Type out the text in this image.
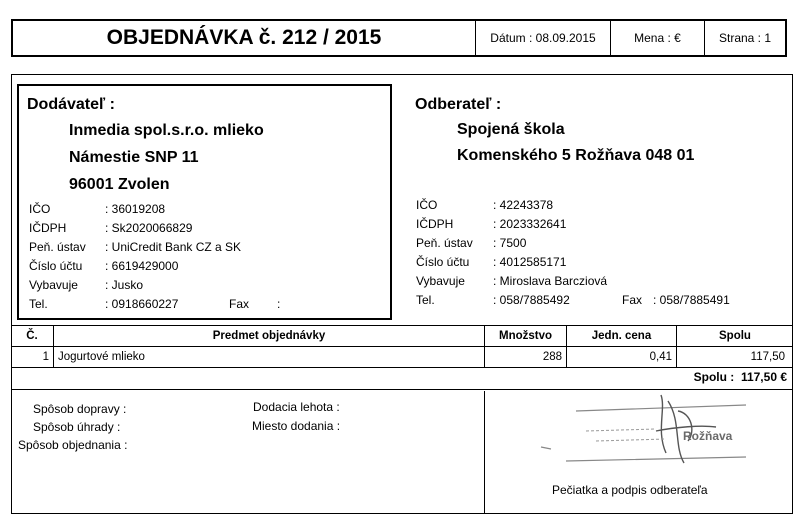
OBJEDNÁVKA č. 212 / 2015	Dátum : 08.09.2015	Mena : €	Strana : 1
Dodávateľ :
Inmedia spol.s.r.o. mlieko
Námestie SNP 11
96001 Zvolen
IČO	: 36019208
IČDPH	: Sk2020066829
Peň. ústav : UniCredit Bank CZ a SK
Číslo účtu : 6619429000
Vybavuje : Jusko
Tel.	: 0918660227	Fax :
Odberateľ :
Spojená škola
Komenského 5 Rožňava 048 01
IČO	: 42243378
IČDPH	: 2023332641
Peň. ústav : 7500
Číslo účtu : 4012585171
Vybavuje : Miroslava Barcziová
Tel.	: 058/7885492	Fax : 058/7885491
Č.	Predmet objednávky	Množstvo	Jedn. cena	Spolu
1 Jogurtové mlieko	288	0,41	117,50
Spolu :  117,50 €
Spôsob dopravy :
Spôsob úhrady :
Spôsob objednania :
Dodacia lehota :
Miesto dodania :
Rožňava
Pečiatka a podpis odberateľa
